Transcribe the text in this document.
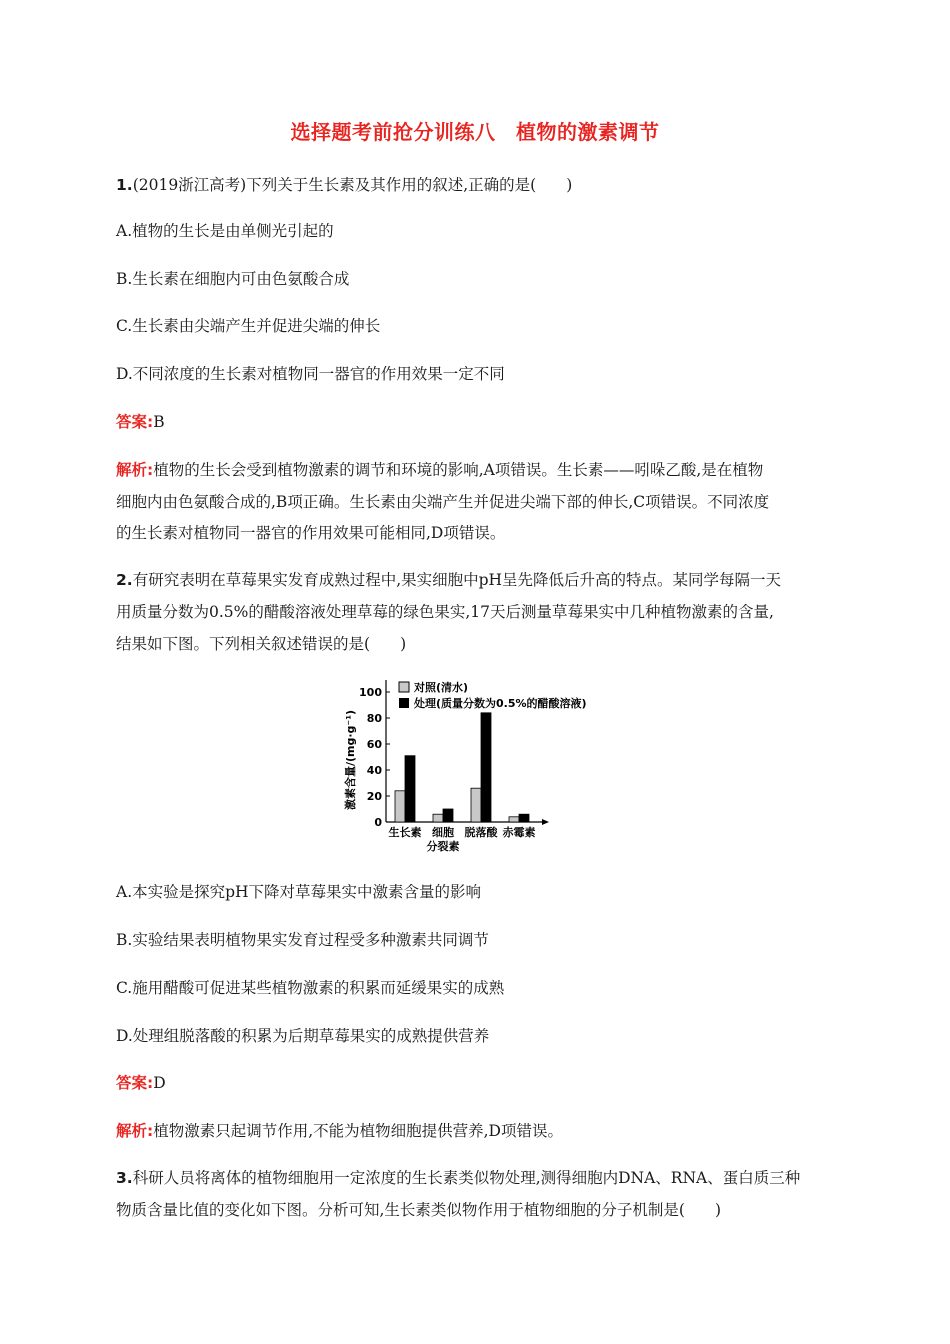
选择题考前抢分训练八　植物的激素调节
1.(2019浙江高考)下列关于生长素及其作用的叙述,正确的是( )
A.植物的生长是由单侧光引起的
B.生长素在细胞内可由色氨酸合成
C.生长素由尖端产生并促进尖端的伸长
D.不同浓度的生长素对植物同一器官的作用效果一定不同
答案:B
解析:植物的生长会受到植物激素的调节和环境的影响,A项错误。生长素——吲哚乙酸,是在植物
细胞内由色氨酸合成的,B项正确。生长素由尖端产生并促进尖端下部的伸长,C项错误。不同浓度
的生长素对植物同一器官的作用效果可能相同,D项错误。
2.有研究表明在草莓果实发育成熟过程中,果实细胞中pH呈先降低后升高的特点。某同学每隔一天
用质量分数为0.5%的醋酸溶液处理草莓的绿色果实,17天后测量草莓果实中几种植物激素的含量,
结果如下图。下列相关叙述错误的是( )
激素含量/(mg·g⁻¹)
0
20
40
60
80
100
生长素 细胞
分裂素
脱落酸 赤霉素
对照(清水)
处理(质量分数为0.5%的醋酸溶液)
A.本实验是探究pH下降对草莓果实中激素含量的影响
B.实验结果表明植物果实发育过程受多种激素共同调节
C.施用醋酸可促进某些植物激素的积累而延缓果实的成熟
D.处理组脱落酸的积累为后期草莓果实的成熟提供营养
答案:D
解析:植物激素只起调节作用,不能为植物细胞提供营养,D项错误。
3.科研人员将离体的植物细胞用一定浓度的生长素类似物处理,测得细胞内DNA、RNA、蛋白质三种
物质含量比值的变化如下图。分析可知,生长素类似物作用于植物细胞的分子机制是( )
